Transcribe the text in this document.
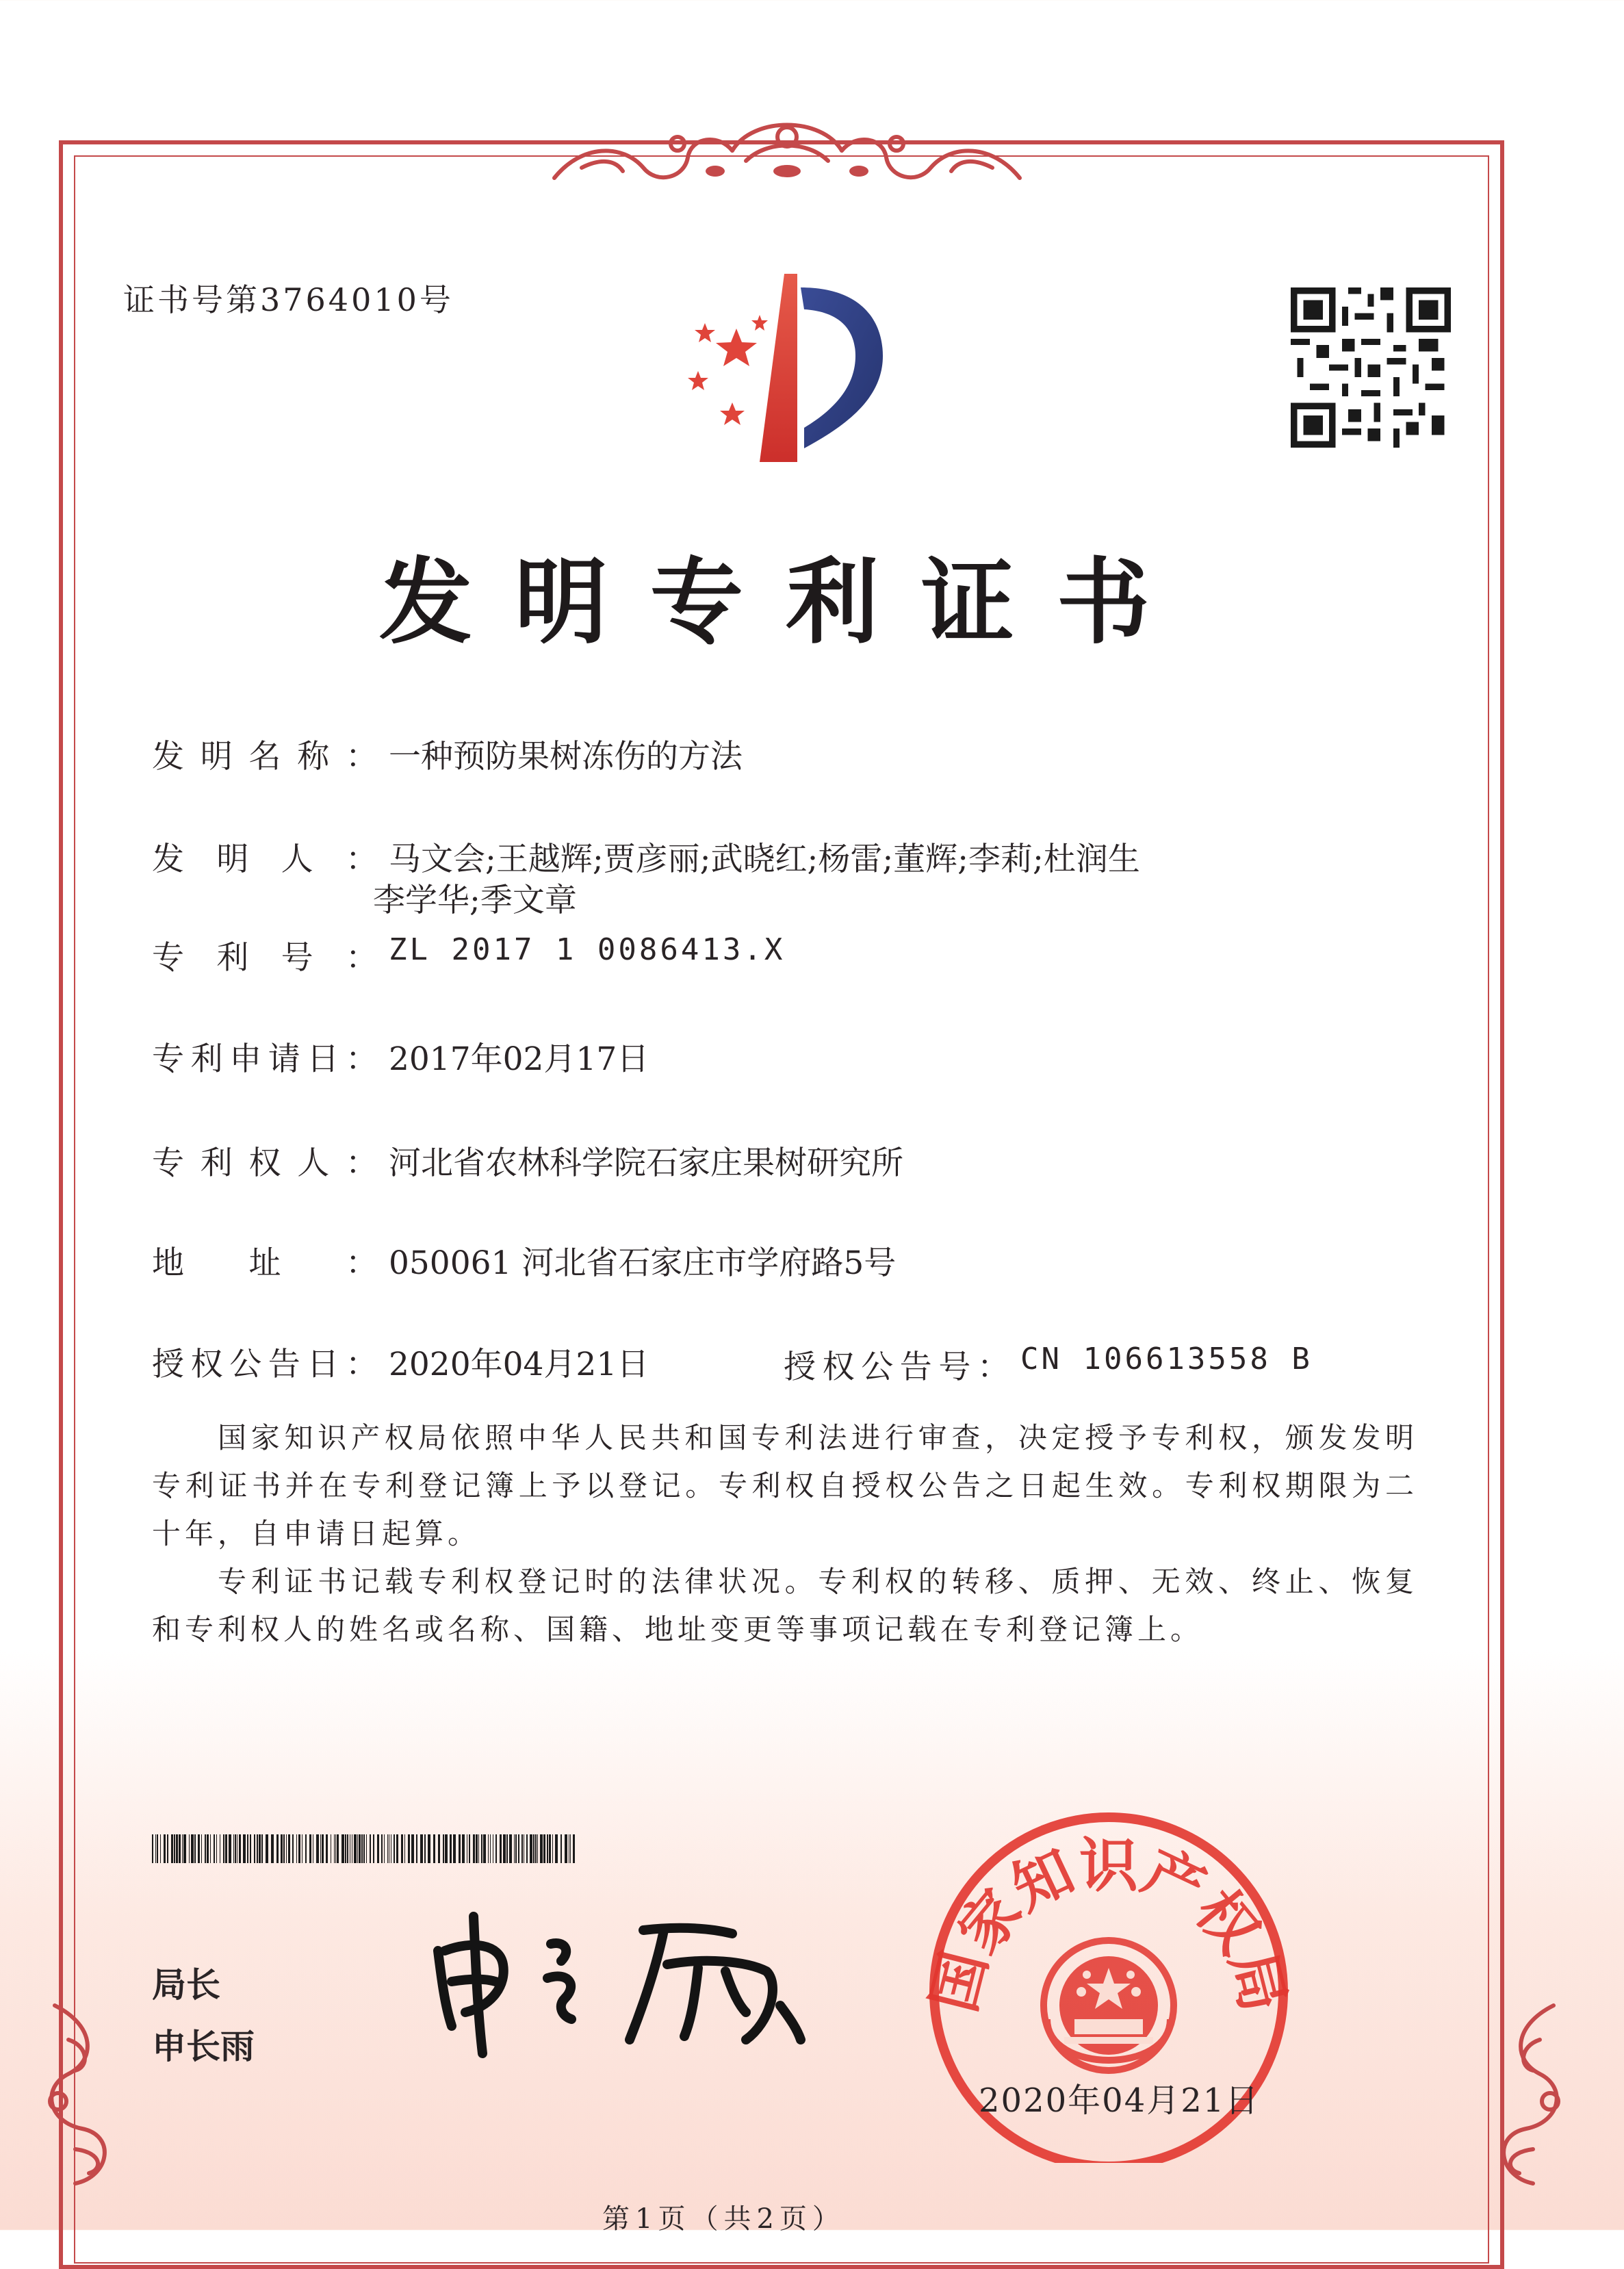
证书号第3764010号
发明专利证书
发明名称： 一种预防果树冻伤的方法
发明人： 马文会;王越辉;贾彦丽;武晓红;杨雷;董辉;李莉;杜润生
李学华;季文章
专利号： ZL 2017 1 0086413.X
专利申请日： 2017年02月17日
专利权人： 河北省农林科学院石家庄果树研究所
地址： 050061 河北省石家庄市学府路5号
授权公告日： 2020年04月21日	授权公告号： CN 106613558 B
国家知识产权局依照中华人民共和国专利法进行审查，决定授予专利权，颁发发明专利证书并在专利登记簿上予以登记。专利权自授权公告之日起生效。专利权期限为二十年，自申请日起算。
专利证书记载专利权登记时的法律状况。专利权的转移、质押、无效、终止、恢复和专利权人的姓名或名称、国籍、地址变更等事项记载在专利登记簿上。
局长
申长雨
国家知识产权局
2020年04月21日
第1页（共2页）
